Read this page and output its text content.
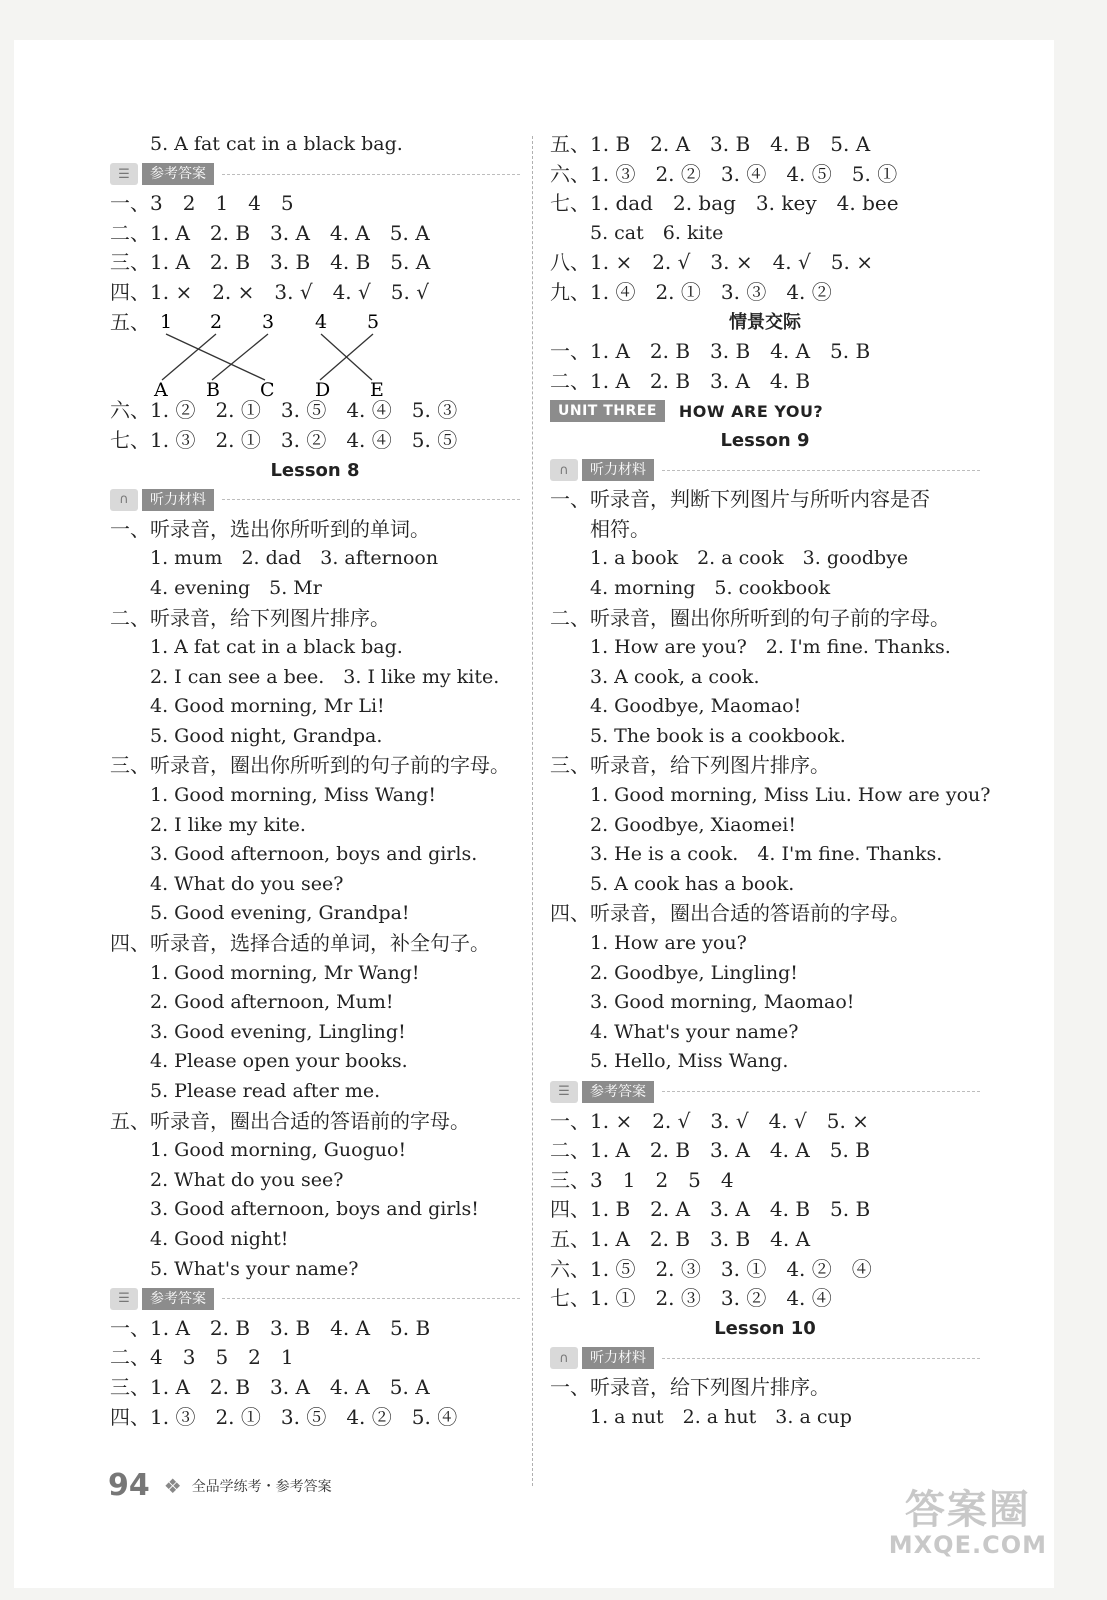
5. A fat cat in a black bag.
☰	参考答案
一、3　2　1　4　5
二、1. A　2. B　3. A　4. A　5. A
三、1. A　2. B　3. B　4. B　5. A
四、1. ×　2. ×　3. √　4. √　5. √
五、 1 2 3 4 5
A B C D E
六、1. ②　2. ①　3. ⑤　4. ④　5. ③
七、1. ③　2. ①　3. ②　4. ④　5. ⑤
Lesson 8
∩	听力材料
一、听录音，选出你所听到的单词。
1. mum　2. dad　3. afternoon
4. evening　5. Mr
二、听录音，给下列图片排序。
1. A fat cat in a black bag.
2. I can see a bee.　3. I like my kite.
4. Good morning, Mr Li!
5. Good night, Grandpa.
三、听录音，圈出你所听到的句子前的字母。
1. Good morning, Miss Wang!
2. I like my kite.
3. Good afternoon, boys and girls.
4. What do you see?
5. Good evening, Grandpa!
四、听录音，选择合适的单词，补全句子。
1. Good morning, Mr Wang!
2. Good afternoon, Mum!
3. Good evening, Lingling!
4. Please open your books.
5. Please read after me.
五、听录音，圈出合适的答语前的字母。
1. Good morning, Guoguo!
2. What do you see?
3. Good afternoon, boys and girls!
4. Good night!
5. What's your name?
☰	参考答案
一、1. A　2. B　3. B　4. A　5. B
二、4　3　5　2　1
三、1. A　2. B　3. A　4. A　5. A
四、1. ③　2. ①　3. ⑤　4. ②　5. ④
五、1. B　2. A　3. B　4. B　5. A
六、1. ③　2. ②　3. ④　4. ⑤　5. ①
七、1. dad　2. bag　3. key　4. bee
5. cat　6. kite
八、1. ×　2. √　3. ×　4. √　5. ×
九、1. ④　2. ①　3. ③　4. ②
情景交际
一、1. A　2. B　3. B　4. A　5. B
二、1. A　2. B　3. A　4. B
UNIT THREE	HOW ARE YOU?
Lesson 9
∩	听力材料
一、听录音，判断下列图片与所听内容是否
相符。
1. a book　2. a cook　3. goodbye
4. morning　5. cookbook
二、听录音，圈出你所听到的句子前的字母。
1. How are you?　2. I'm fine. Thanks.
3. A cook, a cook.
4. Goodbye, Maomao!
5. The book is a cookbook.
三、听录音，给下列图片排序。
1. Good morning, Miss Liu. How are you?
2. Goodbye, Xiaomei!
3. He is a cook.　4. I'm fine. Thanks.
5. A cook has a book.
四、听录音，圈出合适的答语前的字母。
1. How are you?
2. Goodbye, Lingling!
3. Good morning, Maomao!
4. What's your name?
5. Hello, Miss Wang.
☰	参考答案
一、1. ×　2. √　3. √　4. √　5. ×
二、1. A　2. B　3. A　4. A　5. B
三、3　1　2　5　4
四、1. B　2. A　3. A　4. B　5. B
五、1. A　2. B　3. B　4. A
六、1. ⑤　2. ③　3. ①　4. ②　④
七、1. ①　2. ③　3. ②　4. ④
Lesson 10
∩	听力材料
一、听录音，给下列图片排序。
1. a nut　2. a hut　3. a cup
94 ❖ 全品学练考・参考答案
答案圈
MXQE.COM
